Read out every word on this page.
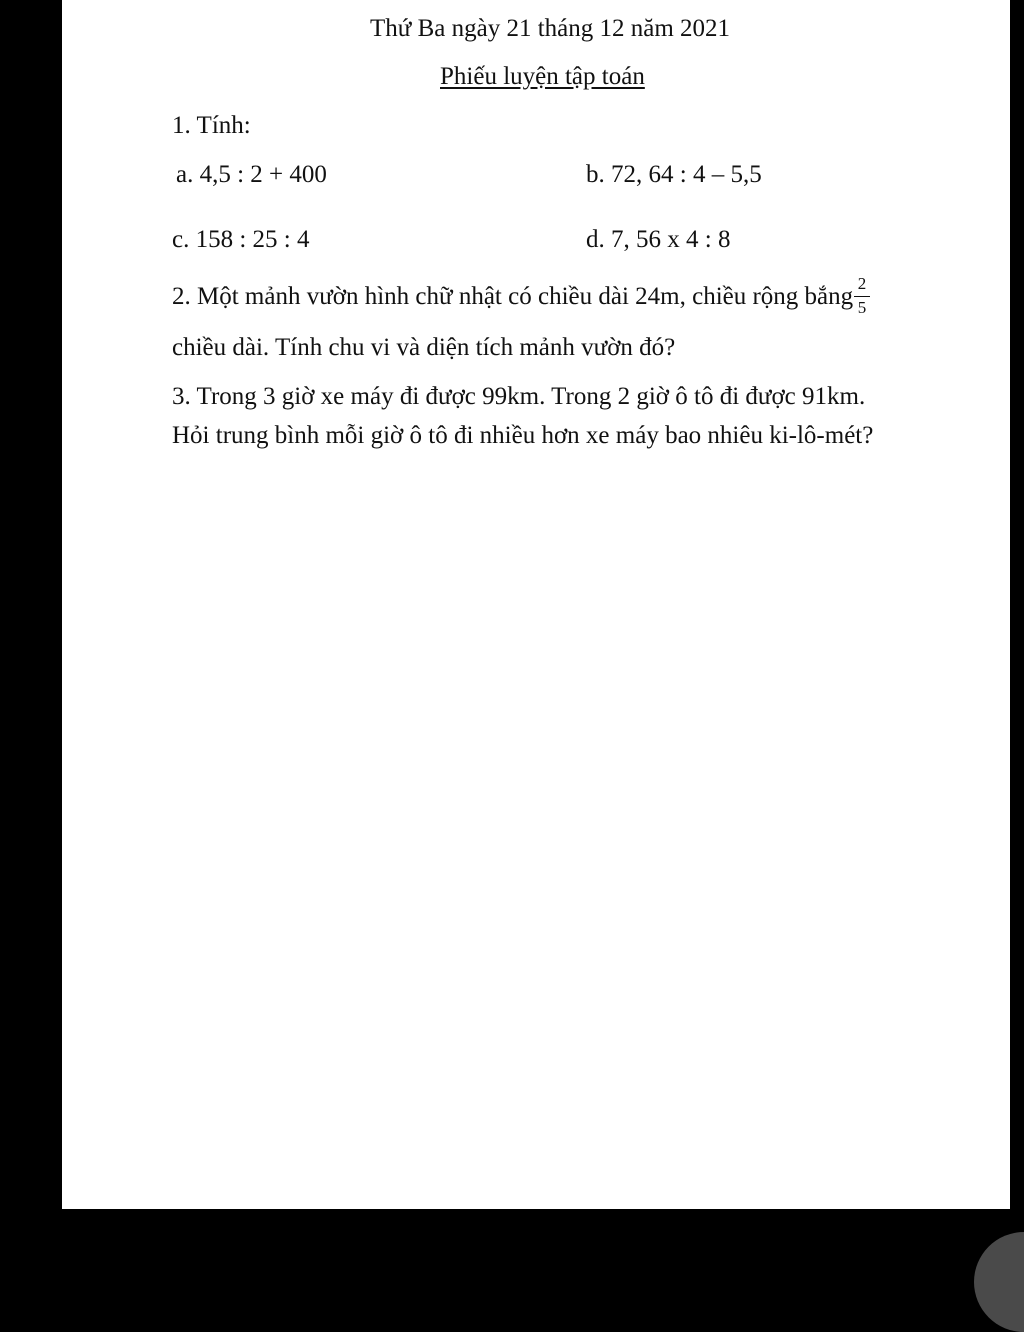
Thứ Ba ngày 21 tháng 12 năm 2021
Phiếu luyện tập toán
1. Tính:
a. 4,5 : 2 + 400	b. 72, 64 : 4 – 5,5
c. 158 : 25 : 4	d. 7, 56 x 4 : 8
2. Một mảnh vườn hình chữ nhật có chiều dài 24m, chiều rộng bắng 2
5
chiều dài. Tính chu vi và diện tích mảnh vườn đó?
3. Trong 3 giờ xe máy đi được 99km. Trong 2 giờ ô tô đi được 91km.
Hỏi trung bình mỗi giờ ô tô đi nhiều hơn xe máy bao nhiêu ki-lô-mét?
